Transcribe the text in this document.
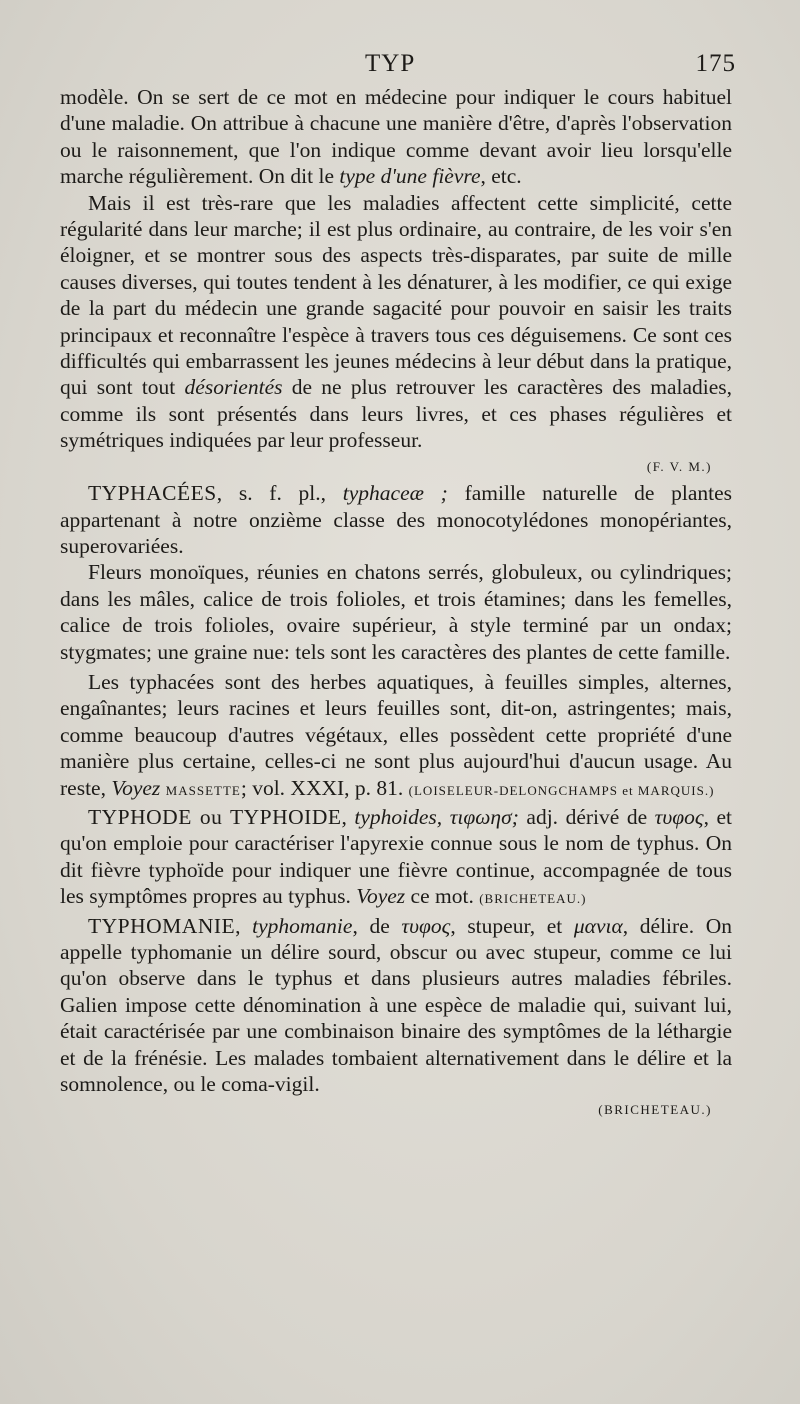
TYP	175

modèle. On se sert de ce mot en médecine pour indiquer le cours habituel d'une maladie. On attribue à chacune une manière d'être, d'après l'observation ou le raisonnement, que l'on indique comme devant avoir lieu lorsqu'elle marche régulièrement. On dit le type d'une fièvre, etc.

Mais il est très-rare que les maladies affectent cette simplicité, cette régularité dans leur marche; il est plus ordinaire, au contraire, de les voir s'en éloigner, et se montrer sous des aspects très-disparates, par suite de mille causes diverses, qui toutes tendent à les dénaturer, à les modifier, ce qui exige de la part du médecin une grande sagacité pour pouvoir en saisir les traits principaux et reconnaître l'espèce à travers tous ces déguisemens. Ce sont ces difficultés qui embarrassent les jeunes médecins à leur début dans la pratique, qui sont tout désorientés de ne plus retrouver les caractères des maladies, comme ils sont présentés dans leurs livres, et ces phases régulières et symétriques indiquées par leur professeur.

(F. V. M.)

TYPHACÉES, s. f. pl., typhaceæ ; famille naturelle de plantes appartenant à notre onzième classe des monocotylédones monopériantes, superovariées.

Fleurs monoïques, réunies en chatons serrés, globuleux, ou cylindriques; dans les mâles, calice de trois folioles, et trois étamines; dans les femelles, calice de trois folioles, ovaire supérieur, à style terminé par un ondax; stygmates; une graine nue: tels sont les caractères des plantes de cette famille.

Les typhacées sont des herbes aquatiques, à feuilles simples, alternes, engaînantes; leurs racines et leurs feuilles sont, dit-on, astringentes; mais, comme beaucoup d'autres végétaux, elles possèdent cette propriété d'une manière plus certaine, celles-ci ne sont plus aujourd'hui d'aucun usage. Au reste, Voyez MASSETTE; vol. XXXI, p. 81. (LOISELEUR-DELONGCHAMPS et MARQUIS.)

TYPHODE ou TYPHOIDE, typhoides, τιφωησ; adj. dérivé de τυφος, et qu'on emploie pour caractériser l'apyrexie connue sous le nom de typhus. On dit fièvre typhoïde pour indiquer une fièvre continue, accompagnée de tous les symptômes propres au typhus. Voyez ce mot. (BRICHETEAU.)

TYPHOMANIE, typhomanie, de τυφος, stupeur, et μανια, délire. On appelle typhomanie un délire sourd, obscur ou avec stupeur, comme ce lui qu'on observe dans le typhus et dans plusieurs autres maladies fébriles. Galien impose cette dénomination à une espèce de maladie qui, suivant lui, était caractérisée par une combinaison binaire des symptômes de la léthargie et de la frénésie. Les malades tombaient alternativement dans le délire et la somnolence, ou le coma-vigil.

(BRICHETEAU.)
